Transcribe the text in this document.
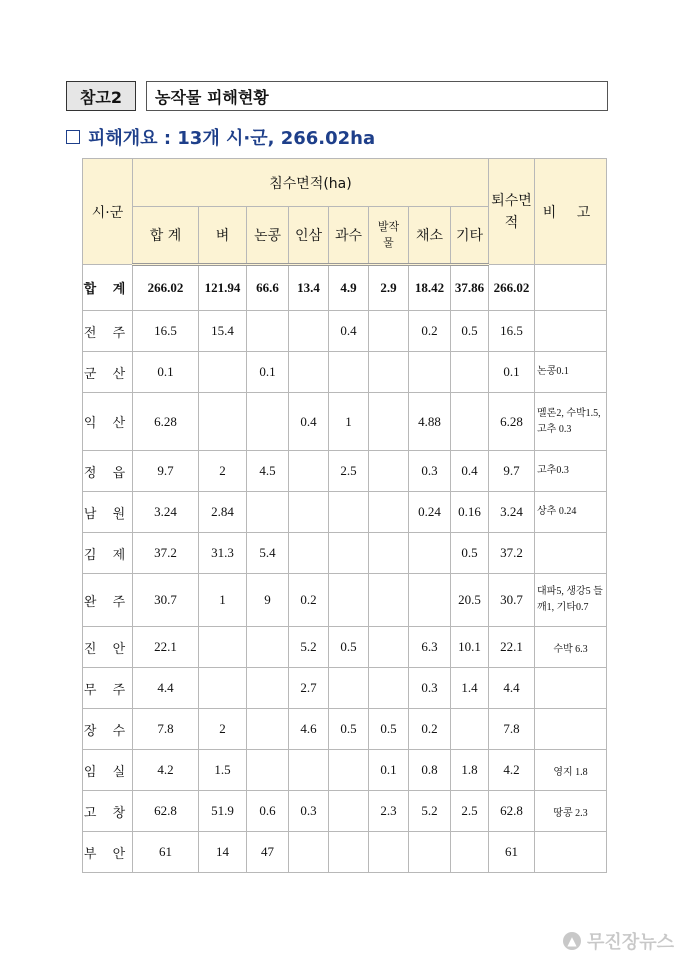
참고2	농작물 피해현황
피해개요 : 13개 시·군, 266.02ha
시·군	침수면적(ha)								퇴수면적	비 고
	합 계	벼	논콩	인삼	과수	발작물	채소	기타		
합 계	266.02	121.94	66.6	13.4	4.9	2.9	18.42	37.86	266.02	
전 주	16.5	15.4			0.4		0.2	0.5	16.5	
군 산	0.1		0.1						0.1	논콩0.1
익 산	6.28			0.4	1		4.88		6.28	멜론2, 수박1.5, 고추 0.3
정 읍	9.7	2	4.5		2.5		0.3	0.4	9.7	고추0.3
남 원	3.24	2.84					0.24	0.16	3.24	상추 0.24
김 제	37.2	31.3	5.4					0.5	37.2	
완 주	30.7	1	9	0.2				20.5	30.7	대파5, 생강5 들깨1, 기타0.7
진 안	22.1			5.2	0.5		6.3	10.1	22.1	수박 6.3
무 주	4.4			2.7			0.3	1.4	4.4	
장 수	7.8	2		4.6	0.5	0.5	0.2		7.8	
임 실	4.2	1.5				0.1	0.8	1.8	4.2	영지 1.8
고 창	62.8	51.9	0.6	0.3		2.3	5.2	2.5	62.8	땅콩 2.3
부 안	61	14	47						61	
▲ 무진장뉴스
